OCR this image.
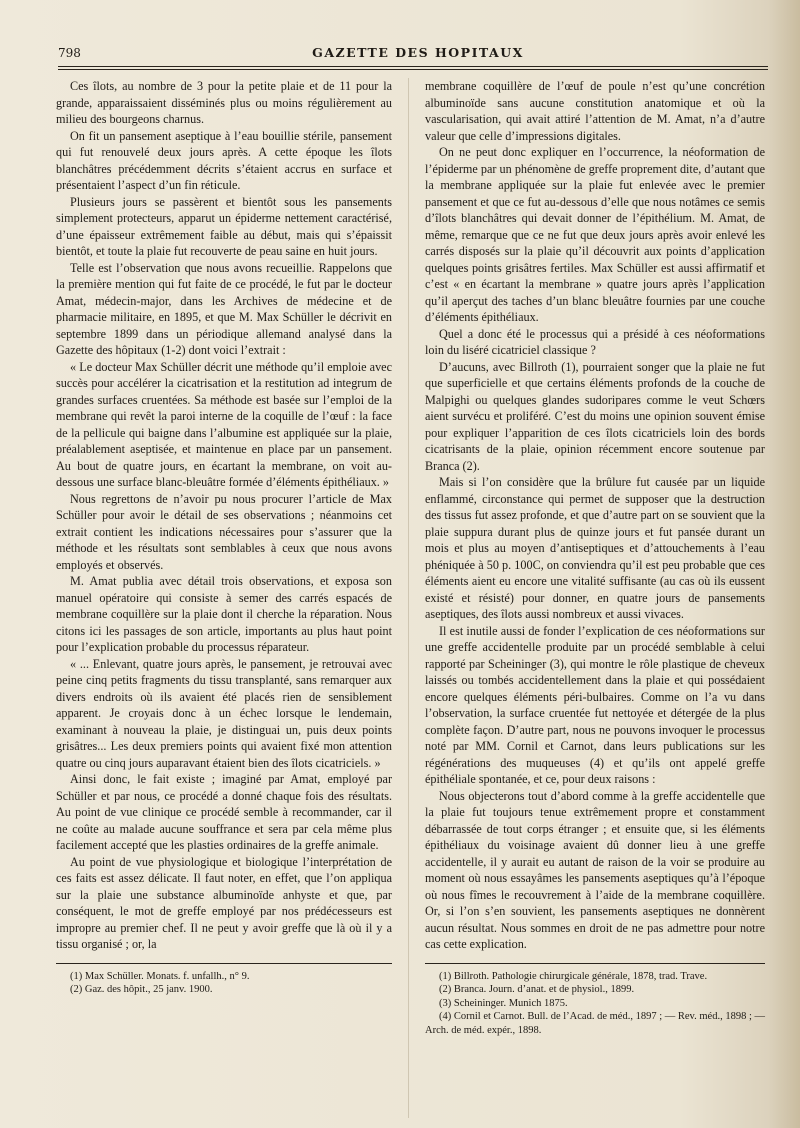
798	GAZETTE DES HOPITAUX

Ces îlots, au nombre de 3 pour la petite plaie et de 11 pour la grande, apparaissaient disséminés plus ou moins régulièrement au milieu des bourgeons charnus.

On fit un pansement aseptique à l’eau bouillie stérile, pansement qui fut renouvelé deux jours après. A cette époque les îlots blanchâtres précédemment décrits s’étaient accrus en surface et présentaient l’aspect d’un fin réticule.

Plusieurs jours se passèrent et bientôt sous les pansements simplement protecteurs, apparut un épiderme nettement caractérisé, d’une épaisseur extrêmement faible au début, mais qui s’épaissit bientôt, et toute la plaie fut recouverte de peau saine en huit jours.

Telle est l’observation que nous avons recueillie. Rappelons que la première mention qui fut faite de ce procédé, le fut par le docteur Amat, médecin-major, dans les Archives de médecine et de pharmacie militaire, en 1895, et que M. Max Schüller le décrivit en septembre 1899 dans un périodique allemand analysé dans la Gazette des hôpitaux (1-2) dont voici l’extrait :

« Le docteur Max Schüller décrit une méthode qu’il emploie avec succès pour accélérer la cicatrisation et la restitution ad integrum de grandes surfaces cruentées. Sa méthode est basée sur l’emploi de la membrane qui revêt la paroi interne de la coquille de l’œuf : la face de la pellicule qui baigne dans l’albumine est appliquée sur la plaie, préalablement aseptisée, et maintenue en place par un pansement. Au bout de quatre jours, en écartant la membrane, on voit au-dessous une surface blanc-bleuâtre formée d’éléments épithéliaux. »

Nous regrettons de n’avoir pu nous procurer l’article de Max Schüller pour avoir le détail de ses observations ; néanmoins cet extrait contient les indications nécessaires pour s’assurer que la méthode et les résultats sont semblables à ceux que nous avons employés et observés.

M. Amat publia avec détail trois observations, et exposa son manuel opératoire qui consiste à semer des carrés espacés de membrane coquillère sur la plaie dont il cherche la réparation. Nous citons ici les passages de son article, importants au plus haut point pour l’explication probable du processus réparateur.

« ... Enlevant, quatre jours après, le pansement, je retrouvai avec peine cinq petits fragments du tissu transplanté, sans remarquer aux divers endroits où ils avaient été placés rien de sensiblement apparent. Je croyais donc à un échec lorsque le lendemain, examinant à nouveau la plaie, je distinguai un, puis deux points grisâtres... Les deux premiers points qui avaient fixé mon attention quatre ou cinq jours auparavant étaient bien des îlots cicatriciels. »

Ainsi donc, le fait existe ; imaginé par Amat, employé par Schüller et par nous, ce procédé a donné chaque fois des résultats. Au point de vue clinique ce procédé semble à recommander, car il ne coûte au malade aucune souffrance et sera par cela même plus facilement accepté que les plasties ordinaires de la greffe animale.

Au point de vue physiologique et biologique l’interprétation de ces faits est assez délicate. Il faut noter, en effet, que l’on appliqua sur la plaie une substance albuminoïde anhyste et que, par conséquent, le mot de greffe employé par nos prédécesseurs est impropre au premier chef. Il ne peut y avoir greffe que là où il y a tissu organisé ; or, la

(1) Max Schüller. Monats. f. unfallh., n° 9.

(2) Gaz. des hôpit., 25 janv. 1900.

membrane coquillère de l’œuf de poule n’est qu’une concrétion albuminoïde sans aucune constitution anatomique et où la vascularisation, qui avait attiré l’attention de M. Amat, n’a d’autre valeur que celle d’impressions digitales.

On ne peut donc expliquer en l’occurrence, la néoformation de l’épiderme par un phénomène de greffe proprement dite, d’autant que la membrane appliquée sur la plaie fut enlevée avec le premier pansement et que ce fut au-dessous d’elle que nous notâmes ce semis d’îlots blanchâtres qui devait donner de l’épithélium. M. Amat, de même, remarque que ce ne fut que deux jours après avoir enlevé les carrés disposés sur la plaie qu’il découvrit aux points d’application quelques points grisâtres fertiles. Max Schüller est aussi affirmatif et c’est « en écartant la membrane » quatre jours après l’application qu’il aperçut des taches d’un blanc bleuâtre fournies par une couche d’éléments épithéliaux.

Quel a donc été le processus qui a présidé à ces néoformations loin du liséré cicatriciel classique ?

D’aucuns, avec Billroth (1), pourraient songer que la plaie ne fut que superficielle et que certains éléments profonds de la couche de Malpighi ou quelques glandes sudoripares comme le veut Schœrs aient survécu et proliféré. C’est du moins une opinion souvent émise pour expliquer l’apparition de ces îlots cicatriciels loin des bords cicatrisants de la plaie, opinion récemment encore soutenue par Branca (2).

Mais si l’on considère que la brûlure fut causée par un liquide enflammé, circonstance qui permet de supposer que la destruction des tissus fut assez profonde, et que d’autre part on se souvient que la plaie suppura durant plus de quinze jours et fut pansée durant un mois et plus au moyen d’antiseptiques et d’attouchements à l’eau phéniquée à 50 p. 100C, on conviendra qu’il est peu probable que ces éléments aient eu encore une vitalité suffisante (au cas où ils eussent existé et résisté) pour donner, en quatre jours de pansements aseptiques, des îlots aussi nombreux et aussi vivaces.

Il est inutile aussi de fonder l’explication de ces néoformations sur une greffe accidentelle produite par un procédé semblable à celui rapporté par Scheininger (3), qui montre le rôle plastique de cheveux laissés ou tombés accidentellement dans la plaie et qui possédaient encore quelques éléments péri-bulbaires. Comme on l’a vu dans l’observation, la surface cruentée fut nettoyée et détergée de la plus complète façon. D’autre part, nous ne pouvons invoquer le processus noté par MM. Cornil et Carnot, dans leurs publications sur les régénérations des muqueuses (4) et qu’ils ont appelé greffe épithéliale spontanée, et ce, pour deux raisons :

Nous objecterons tout d’abord comme à la greffe accidentelle que la plaie fut toujours tenue extrêmement propre et constamment débarrassée de tout corps étranger ; et ensuite que, si les éléments épithéliaux du voisinage avaient dû donner lieu à une greffe accidentelle, il y aurait eu autant de raison de la voir se produire au moment où nous essayâmes les pansements aseptiques qu’à l’époque où nous fîmes le recouvrement à l’aide de la membrane coquillère. Or, si l’on s’en souvient, les pansements aseptiques ne donnèrent aucun résultat. Nous sommes en droit de ne pas admettre pour notre cas cette explication.

(1) Billroth. Pathologie chirurgicale générale, 1878, trad. Trave.

(2) Branca. Journ. d’anat. et de physiol., 1899.

(3) Scheininger. Munich 1875.

(4) Cornil et Carnot. Bull. de l’Acad. de méd., 1897 ; — Rev. méd., 1898 ; — Arch. de méd. expér., 1898.
